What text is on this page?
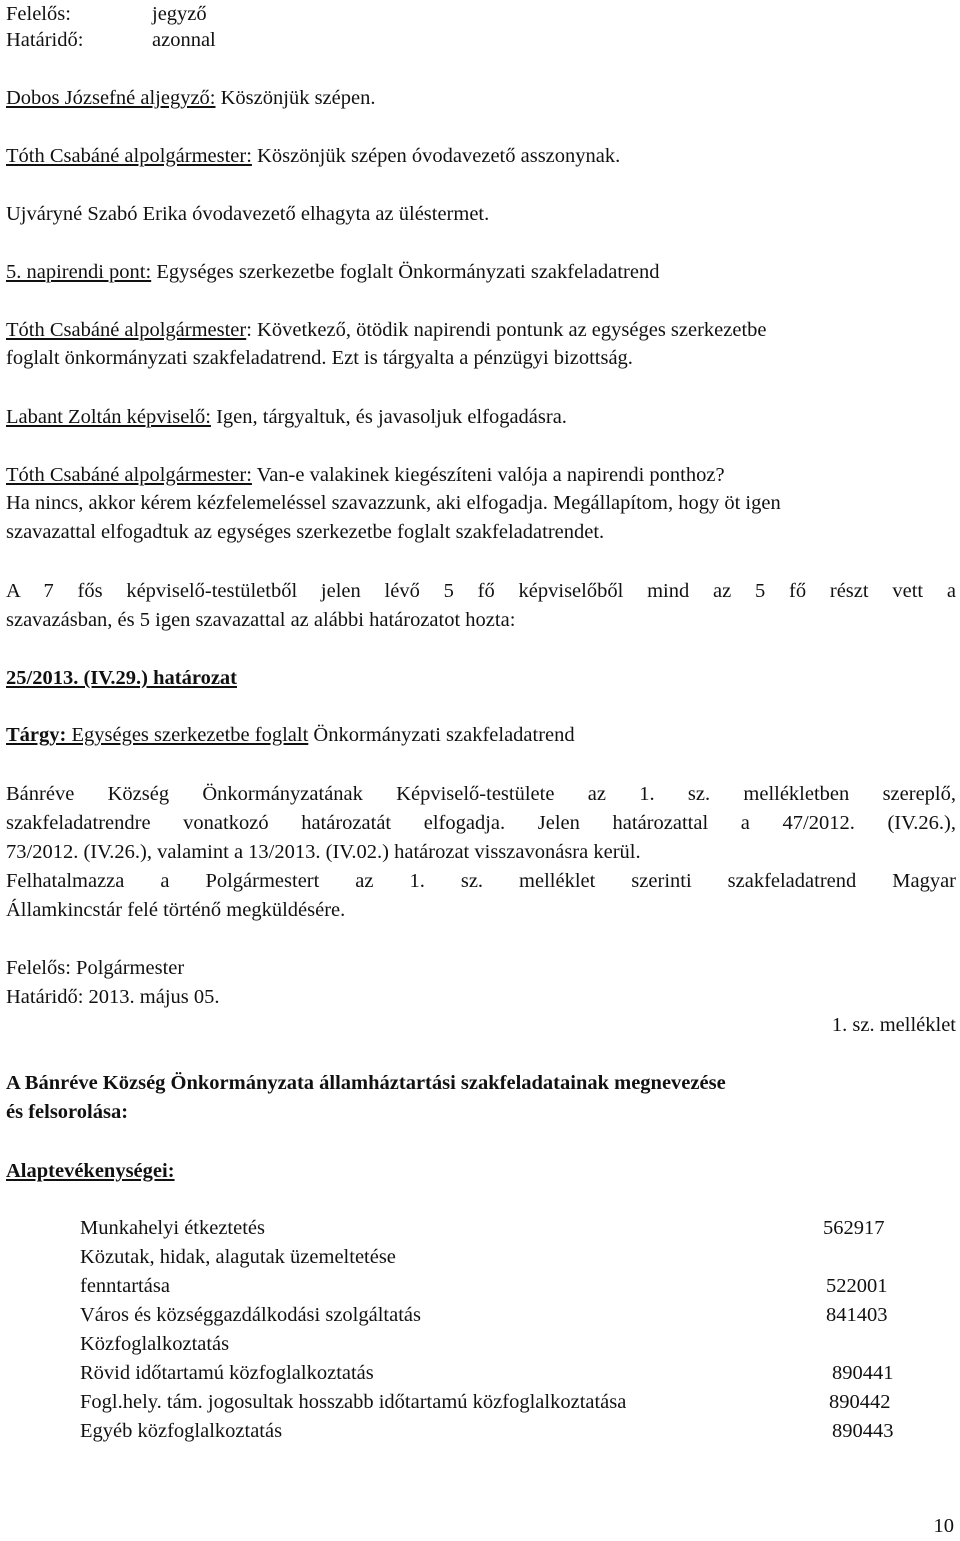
Felelős:	jegyző
Határidő:	azonnal
Dobos Józsefné aljegyző: Köszönjük szépen.
Tóth Csabáné alpolgármester: Köszönjük szépen óvodavezető asszonynak.
Ujváryné Szabó Erika óvodavezető elhagyta az üléstermet.
5. napirendi pont: Egységes szerkezetbe foglalt Önkormányzati szakfeladatrend
Tóth Csabáné alpolgármester: Következő, ötödik napirendi pontunk az egységes szerkezetbe
foglalt önkormányzati szakfeladatrend. Ezt is tárgyalta a pénzügyi bizottság.
Labant Zoltán képviselő: Igen, tárgyaltuk, és javasoljuk elfogadásra.
Tóth Csabáné alpolgármester: Van-e valakinek kiegészíteni valója a napirendi ponthoz?
Ha nincs, akkor kérem kézfelemeléssel szavazzunk, aki elfogadja. Megállapítom, hogy öt igen
szavazattal elfogadtuk az egységes szerkezetbe foglalt szakfeladatrendet.
A 7 fős képviselő-testületből jelen lévő 5 fő képviselőből mind az 5 fő részt vett a
szavazásban, és 5 igen szavazattal az alábbi határozatot hozta:
25/2013. (IV.29.) határozat
Tárgy: Egységes szerkezetbe foglalt Önkormányzati szakfeladatrend
Bánréve Község Önkormányzatának Képviselő-testülete az 1. sz. mellékletben szereplő,
szakfeladatrendre vonatkozó határozatát elfogadja. Jelen határozattal a 47/2012. (IV.26.),
73/2012. (IV.26.), valamint a 13/2013. (IV.02.) határozat visszavonásra kerül.
Felhatalmazza a Polgármestert az 1. sz. melléklet szerinti szakfeladatrend Magyar
Államkincstár felé történő megküldésére.
Felelős: Polgármester
Határidő: 2013. május 05.
1. sz. melléklet
A Bánréve Község Önkormányzata államháztartási szakfeladatainak megnevezése
és felsorolása:
Alaptevékenységei:
Munkahelyi étkeztetés	562917
Közutak, hidak, alagutak üzemeltetése
fenntartása	522001
Város és községgazdálkodási szolgáltatás	841403
Közfoglalkoztatás
Rövid időtartamú közfoglalkoztatás	890441
Fogl.hely. tám. jogosultak hosszabb időtartamú közfoglalkoztatása	890442
Egyéb közfoglalkoztatás	890443
10
